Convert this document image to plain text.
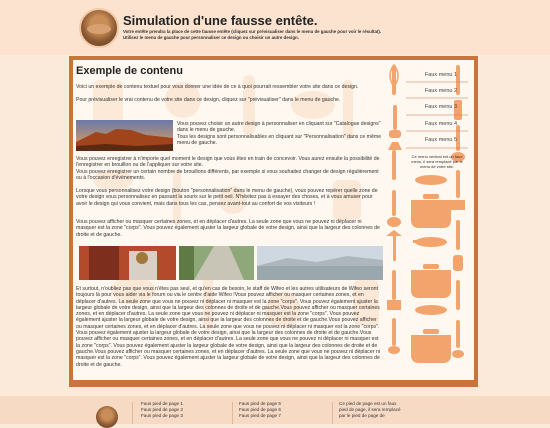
Simulation d'une fausse entête.
Votre entête prendra la place de cette fausse entête (cliquez sur prévisualiser dans le menu de gauche pour voir le résultat).
Utilisez le menu de gauche pour personnaliser ce design ou choisir un autre design.
Exemple de contenu
Voici un exemple de contenu textuel pour vous donner une idée de ce à quoi pourrait ressembler votre site dans ce design.
Pour prévisualiser le vrai contenu de votre site dans ce design, cliquez sur "prévisualiser" dans le menu de gauche.
Vous pouvez choisir un autre design à personnaliser en cliquant sur "Catalogue designs" dans le menu de gauche.
Tous les designs sont personnalisables en cliquant sur "Personnalisation" dans ce même menu de gauche.
Vous pouvez enregistrer à n'importe quel moment le design que vous êtes en train de concevoir. Vous aurez ensuite la possibilité de l'enregistrer en brouillon ou de l'appliquer sur votre site.
Vous pouvez enregistrer un certain nombre de brouillons différents, par exemple si vous souhaitez changer de design régulièrement ou à l'occasion d'évènements.
Lorsque vous personnalisez votre design (bouton "personnalisation" dans le menu de gauche), vous pouvez repérer quelle zone de votre design vous personnalisez en passant la souris sur le petit oeil. N'hésitez pas à essayer des choses, et à vous amuser pour avoir le design qui vous convient, mais dans tous les cas, pensez avant-tout au confort de vos visiteurs !
Vous pouvez afficher ou masquer certaines zones, et en déplacer d'autres. La seule zone que vous ne pouvez ni déplacer ni masquer est la zone "corps". Vous pouvez également ajuster la largeur globale de votre design, ainsi que la largeur des colonnes de droite et de gauche.
Et surtout, n'oubliez pas que vous n'êtes pas seul, et qu'en cas de besoin, le staff de Wifeo et les autres utilisateurs de Wifeo seront toujours là pour vous aider via le forum ou via le centre d'aide Wifeo !Vous pouvez afficher ou masquer certaines zones, et en déplacer d'autres. La seule zone que vous ne pouvez ni déplacer ni masquer est la zone "corps". Vous pouvez également ajuster la largeur globale de votre design, ainsi que la largeur des colonnes de droite et de gauche.Vous pouvez afficher ou masquer certaines zones, et en déplacer d'autres. La seule zone que vous ne pouvez ni déplacer ni masquer est la zone "corps". Vous pouvez également ajuster la largeur globale de votre design, ainsi que la largeur des colonnes de droite et de gauche.Vous pouvez afficher ou masquer certaines zones, et en déplacer d'autres. La seule zone que vous ne pouvez ni déplacer ni masquer est la zone "corps". Vous pouvez également ajuster la largeur globale de votre design, ainsi que la largeur des colonnes de droite et de gauche.Vous pouvez afficher ou masquer certaines zones, et en déplacer d'autres. La seule zone que vous ne pouvez ni déplacer ni masquer est la zone "corps". Vous pouvez également ajuster la largeur globale de votre design, ainsi que la largeur des colonnes de droite et de gauche.Vous pouvez afficher ou masquer certaines zones, et en déplacer d'autres. La seule zone que vous ne pouvez ni déplacer ni masquer est la zone "corps". Vous pouvez également ajuster la largeur globale de votre design, ainsi que la largeur des colonnes de droite et de gauche.
Faux menu 1
Faux menu 2
Faux menu 3
Faux menu 4
Faux menu 5
Ce menu vertical est un faux menu, il sera remplacé par le menu de votre site.
Faus pied de page 1
Faus pied de page 2
Faus pied de page 3
Faus pied de page 5
Faus pied de page 6
Faus pied de page 7
Ce pied de page est un faux
pied de page, il sera remplacé
par le pied de page de
